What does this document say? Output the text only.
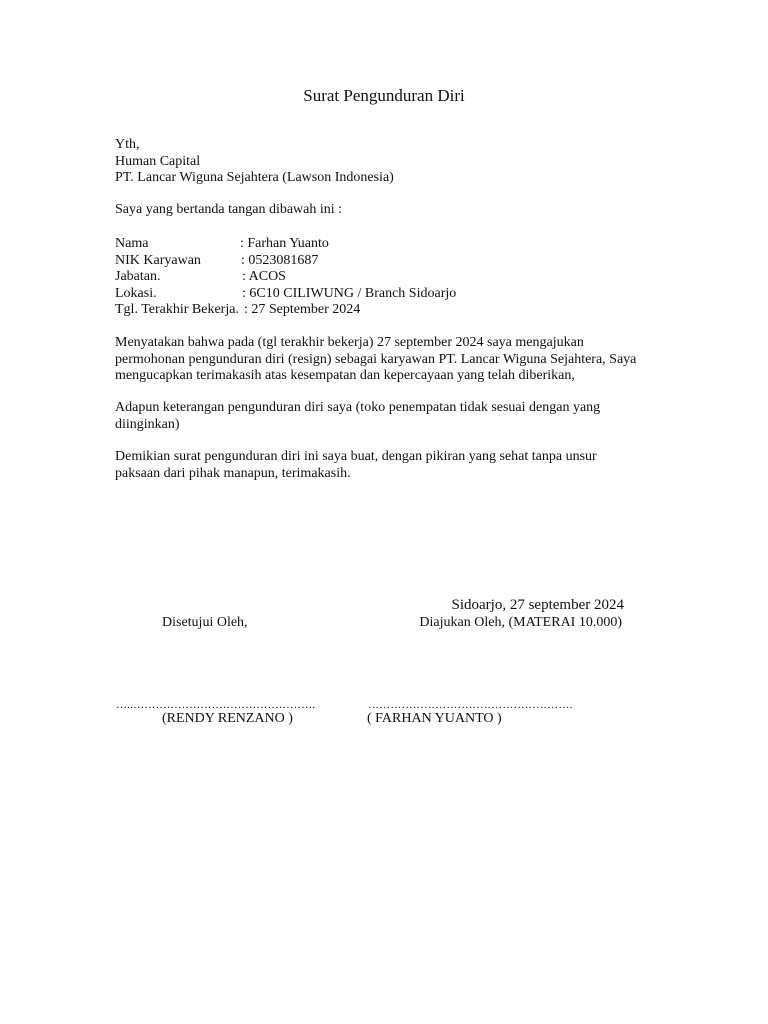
Surat Pengunduran Diri
Yth,
Human Capital
PT. Lancar Wiguna Sejahtera (Lawson Indonesia)
Saya yang bertanda tangan dibawah ini :
Nama	: Farhan Yuanto
NIK Karyawan	: 0523081687
Jabatan.	: ACOS
Lokasi.	: 6C10 CILIWUNG / Branch Sidoarjo
Tgl. Terakhir Bekerja. : 27 September 2024
Menyatakan bahwa pada (tgl terakhir bekerja) 27 september 2024 saya mengajukan permohonan pengunduran diri (resign) sebagai karyawan PT. Lancar Wiguna Sejahtera, Saya mengucapkan terimakasih atas kesempatan dan kepercayaan yang telah diberikan,
Adapun keterangan pengunduran diri saya (toko penempatan tidak sesuai dengan yang diinginkan)
Demikian surat pengunduran diri ini saya buat, dengan pikiran yang sehat tanpa unsur paksaan dari pihak manapun, terimakasih.
Sidoarjo, 27 september 2024
Disetujui Oleh,	Diajukan Oleh, (MATERAI 10.000)
…..………………………………………….	……………………………………………….
(RENDY RENZANO )	( FARHAN YUANTO )
